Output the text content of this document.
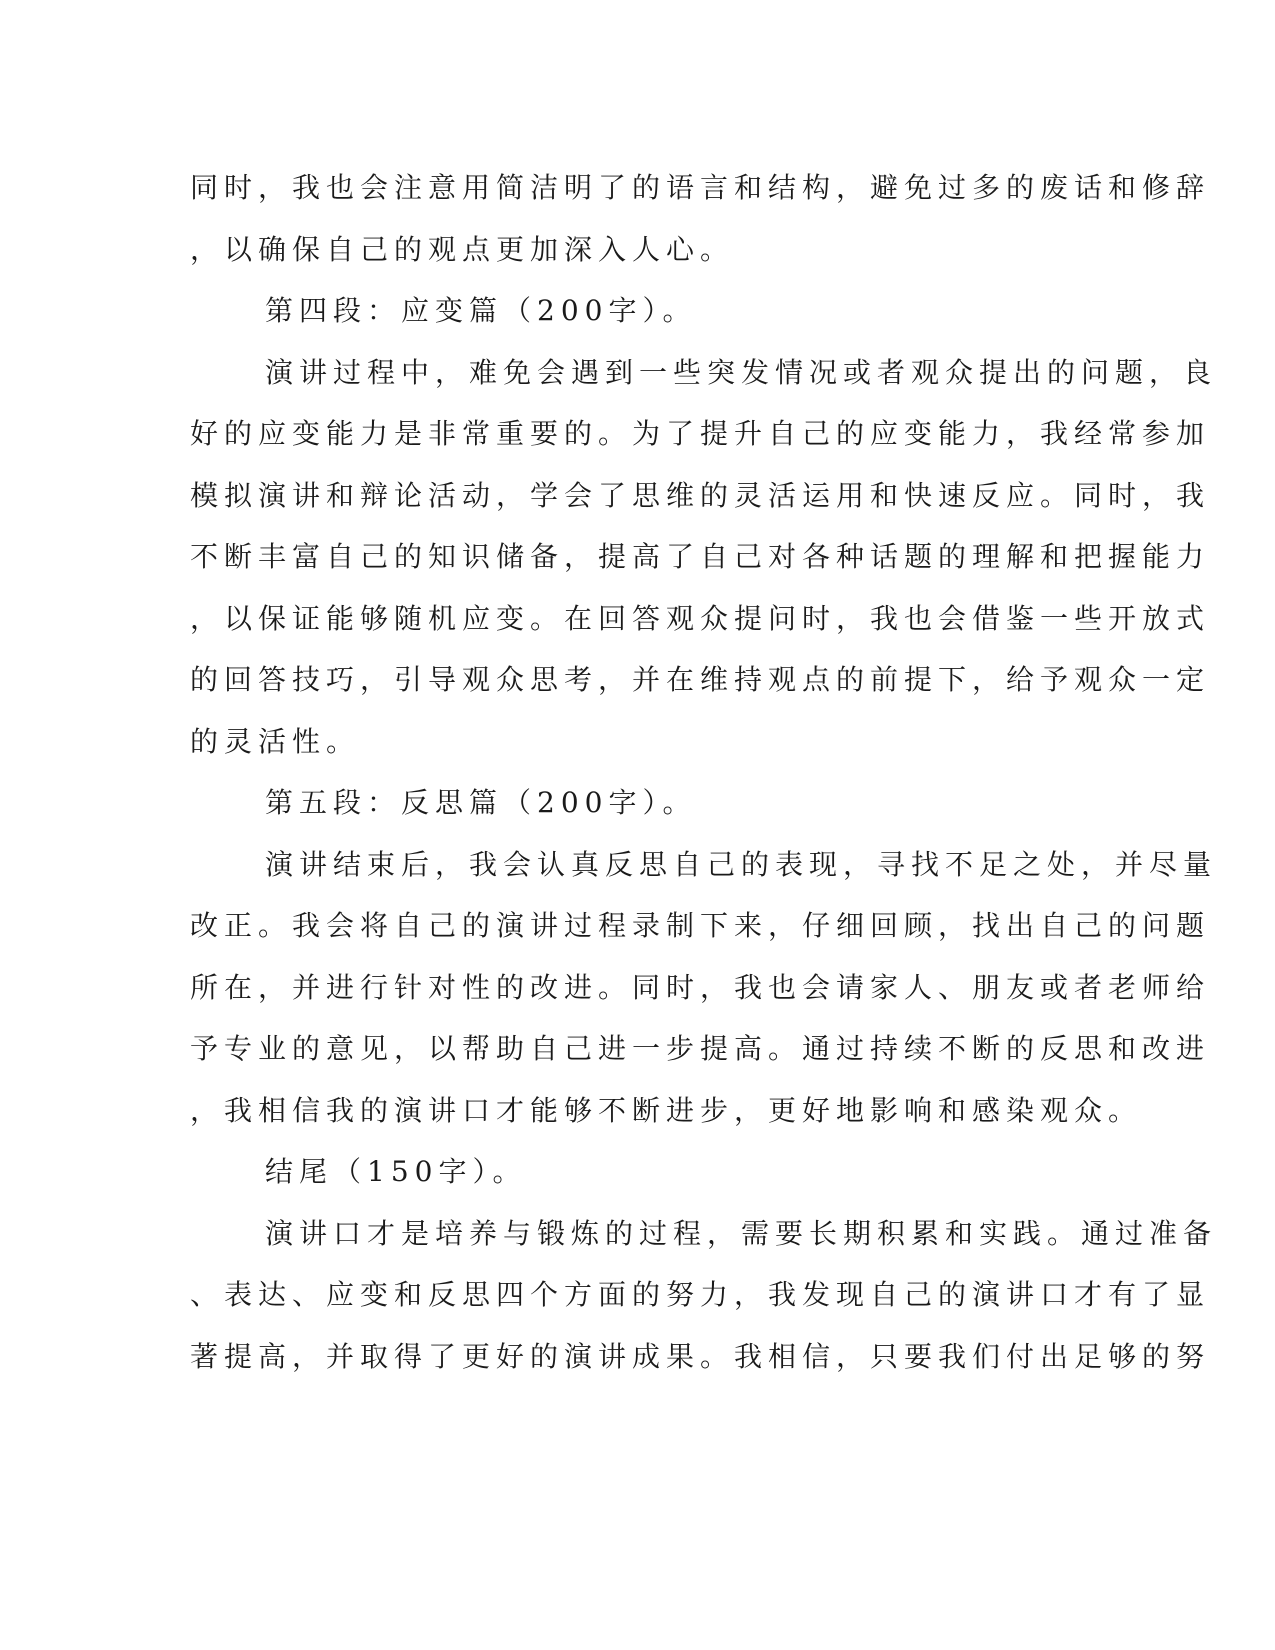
同时，我也会注意用简洁明了的语言和结构，避免过多的废话和修辞
，以确保自己的观点更加深入人心。
第四段：应变篇（200字）。
演讲过程中，难免会遇到一些突发情况或者观众提出的问题，良
好的应变能力是非常重要的。为了提升自己的应变能力，我经常参加
模拟演讲和辩论活动，学会了思维的灵活运用和快速反应。同时，我
不断丰富自己的知识储备，提高了自己对各种话题的理解和把握能力
，以保证能够随机应变。在回答观众提问时，我也会借鉴一些开放式
的回答技巧，引导观众思考，并在维持观点的前提下，给予观众一定
的灵活性。
第五段：反思篇（200字）。
演讲结束后，我会认真反思自己的表现，寻找不足之处，并尽量
改正。我会将自己的演讲过程录制下来，仔细回顾，找出自己的问题
所在，并进行针对性的改进。同时，我也会请家人、朋友或者老师给
予专业的意见，以帮助自己进一步提高。通过持续不断的反思和改进
，我相信我的演讲口才能够不断进步，更好地影响和感染观众。
结尾（150字）。
演讲口才是培养与锻炼的过程，需要长期积累和实践。通过准备
、表达、应变和反思四个方面的努力，我发现自己的演讲口才有了显
著提高，并取得了更好的演讲成果。我相信，只要我们付出足够的努
